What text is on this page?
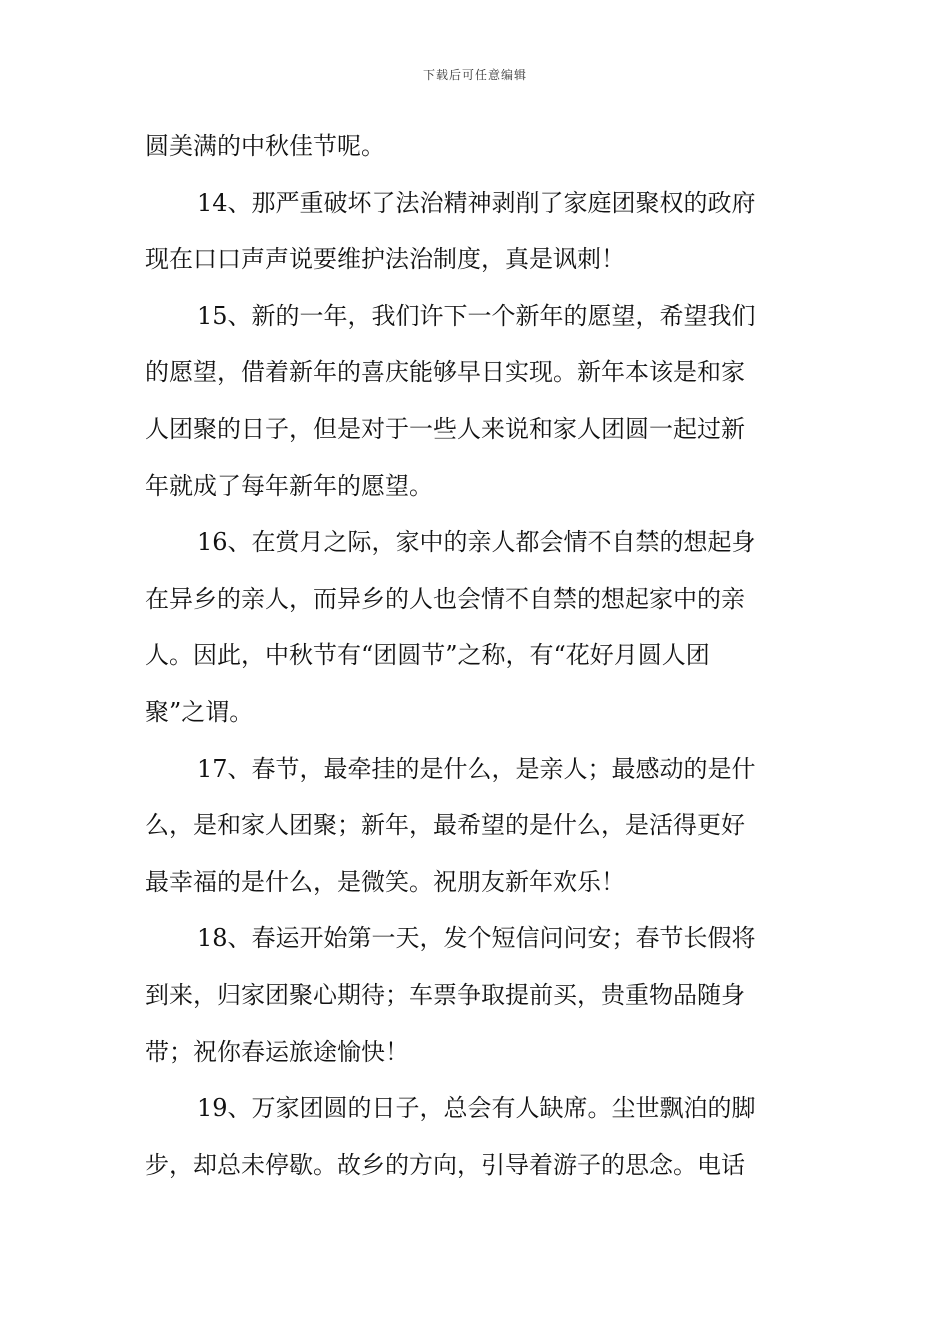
下载后可任意编辑
圆美满的中秋佳节呢。
14、那严重破坏了法治精神剥削了家庭团聚权的政府
现在口口声声说要维护法治制度，真是讽刺！
15、新的一年，我们许下一个新年的愿望，希望我们
的愿望，借着新年的喜庆能够早日实现。新年本该是和家
人团聚的日子，但是对于一些人来说和家人团圆一起过新
年就成了每年新年的愿望。
16、在赏月之际，家中的亲人都会情不自禁的想起身
在异乡的亲人，而异乡的人也会情不自禁的想起家中的亲
人。因此，中秋节有“团圆节”之称，有“花好月圆人团
聚”之谓。
17、春节，最牵挂的是什么，是亲人；最感动的是什
么，是和家人团聚；新年，最希望的是什么，是活得更好
最幸福的是什么，是微笑。祝朋友新年欢乐！
18、春运开始第一天，发个短信问问安；春节长假将
到来，归家团聚心期待；车票争取提前买，贵重物品随身
带；祝你春运旅途愉快！
19、万家团圆的日子，总会有人缺席。尘世飘泊的脚
步，却总未停歇。故乡的方向，引导着游子的思念。电话
